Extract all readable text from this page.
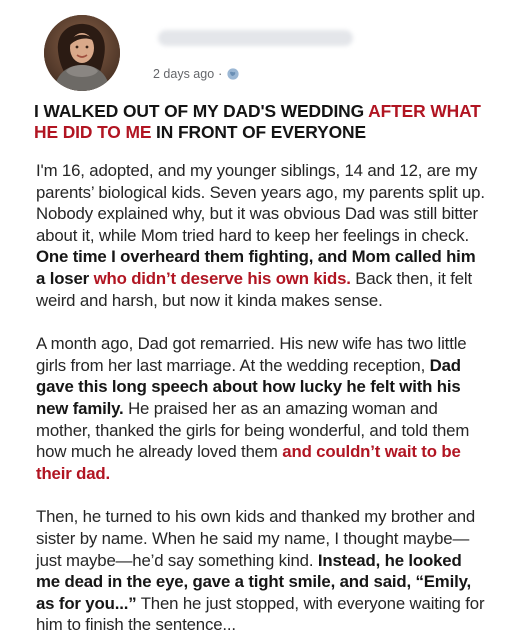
2 days ago ·
I WALKED OUT OF MY DAD'S WEDDING AFTER WHAT HE DID TO ME IN FRONT OF EVERYONE

I'm 16, adopted, and my younger siblings, 14 and 12, are my parents’ biological kids. Seven years ago, my parents split up. Nobody explained why, but it was obvious Dad was still bitter about it, while Mom tried hard to keep her feelings in check. One time I overheard them fighting, and Mom called him a loser who didn’t deserve his own kids. Back then, it felt weird and harsh, but now it kinda makes sense.

A month ago, Dad got remarried. His new wife has two little girls from her last marriage. At the wedding reception, Dad gave this long speech about how lucky he felt with his new family. He praised her as an amazing woman and mother, thanked the girls for being wonderful, and told them how much he already loved them and couldn’t wait to be their dad.

Then, he turned to his own kids and thanked my brother and sister by name. When he said my name, I thought maybe—just maybe—he’d say something kind. Instead, he looked me dead in the eye, gave a tight smile, and said, “Emily, as for you...” Then he just stopped, with everyone waiting for him to finish the sentence...
